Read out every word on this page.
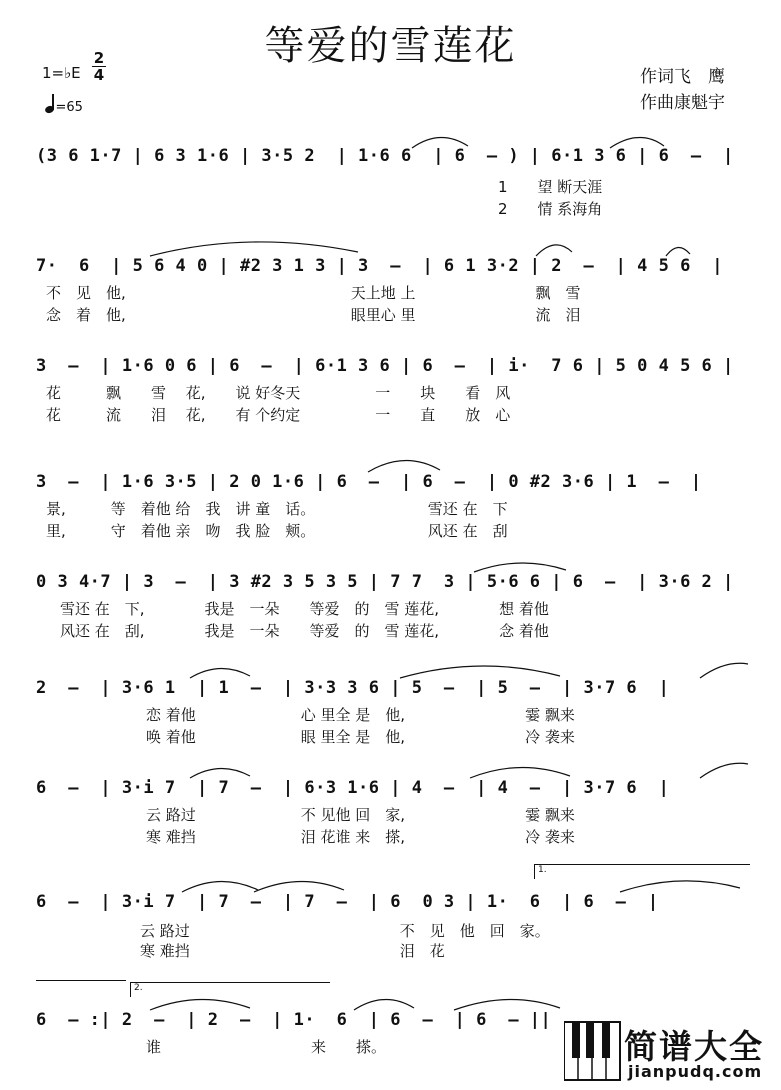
等爱的雪莲花
1=♭E
2
4
=65
作词飞　鹰
作曲康魁宇
(3 6 1·7 | 6 3 1·6 | 3·5 2  | 1·6 6  | 6  – ) | 6·1 3 6 | 6  –  |
1　　望 断天涯
2　　情 系海角
7·  6  | 5 6 4 0 | #2 3 1 3 | 3  –  | 6 1 3·2 | 2  –  | 4 5 6  |
不　见　他,　　　　　　　　　　　　　　　天上地 上　　　　　　　　飘　雪
念　着　他,　　　　　　　　　　　　　　　眼里心 里　　　　　　　　流　泪
3  –  | 1·6 0 6 | 6  –  | 6·1 3 6 | 6  –  | i·  7 6 | 5 0 4 5 6 |
花　　　飘　　雪　 花,　　说 好冬天　　　　　一　　块　　看　风
花　　　流　　泪　 花,　　有 个约定　　　　　一　　直　　放　心
3  –  | 1·6 3·5 | 2 0 1·6 | 6  –  | 6  –  | 0 #2 3·6 | 1  –  |
景,　　　等　着他 给　我　讲 童　话。　　　　　　　　雪还 在　下
里,　　　守　着他 亲　吻　我 脸　颊。　　　　　　　　风还 在　刮
0 3 4·7 | 3  –  | 3 #2 3 5 3 5 | 7 7  3 | 5·6 6 | 6  –  | 3·6 2 |
雪还 在　下,　　　　我是　一朵　　等爱　的　雪 莲花,　　　　想 着他
风还 在　刮,　　　　我是　一朵　　等爱　的　雪 莲花,　　　　念 着他
2  –  | 3·6 1  | 1  –  | 3·3 3 6 | 5  –  | 5  –  | 3·7 6  |
恋 着他　　　　　　　心 里全 是　他,　　　　　　　　霎 飘来
唤 着他　　　　　　　眼 里全 是　他,　　　　　　　　冷 袭来
6  –  | 3·i 7  | 7  –  | 6·3 1·6 | 4  –  | 4  –  | 3·7 6  |
云 路过　　　　　　　不 见他 回　家,　　　　　　　　霎 飘来
寒 难挡　　　　　　　泪 花谁 来　搽,　　　　　　　　冷 袭来
1.
6  –  | 3·i 7  | 7  –  | 7  –  | 6  0 3 | 1·  6  | 6  –  |
云 路过　　　　　　　　　　　　　　不　见　他　回　家。
寒 难挡　　　　　　　　　　　　　　泪　花
2.
6  – :| 2  –  | 2  –  | 1·  6  | 6  –  | 6  – ||
谁　　　　　　　　　　来　　搽。	简谱大全
jianpudq.com
